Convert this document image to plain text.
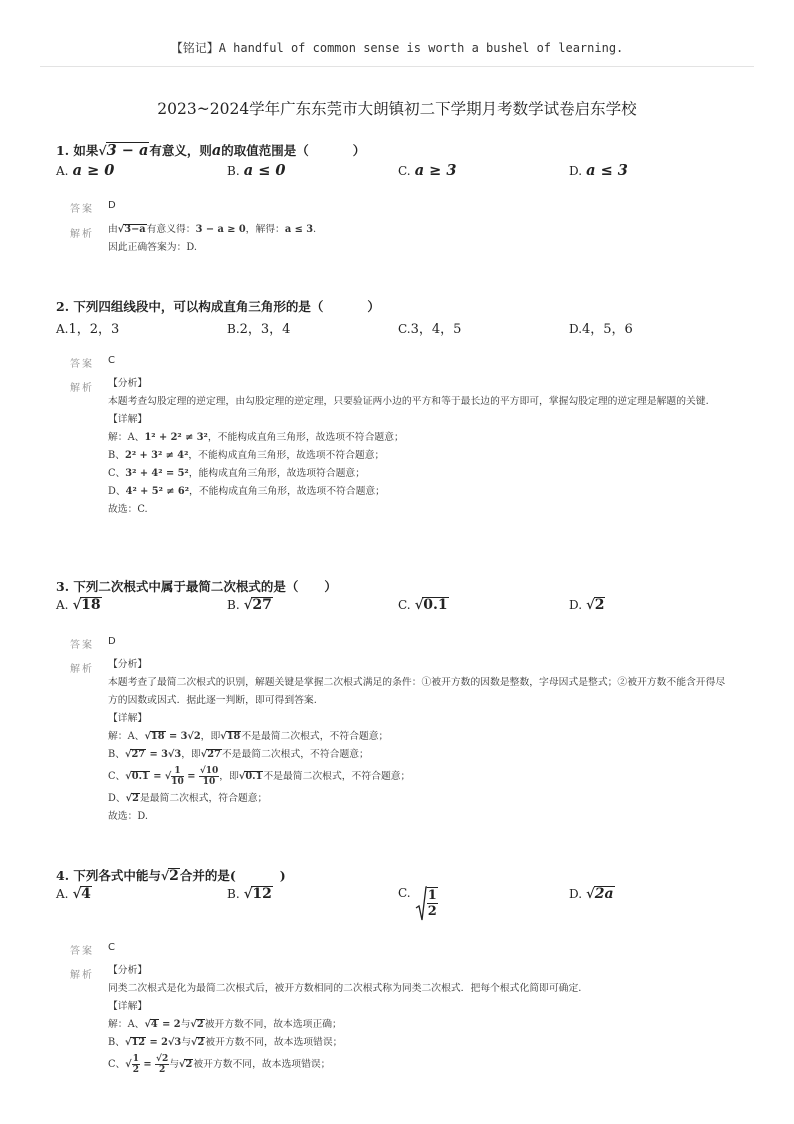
【铭记】A handful of common sense is worth a bushel of learning.
2023~2024学年广东东莞市大朗镇初二下学期月考数学试卷启东学校
1. 如果√3 − a有意义，则a的取值范围是（	）
A. a ≥ 0	B. a ≤ 0	C. a ≥ 3	D. a ≤ 3
答案 D
解析 由√3−a有意义得：3 − a ≥ 0，解得：a ≤ 3.
因此正确答案为：D.
2. 下列四组线段中，可以构成直角三角形的是（	）
A.1，2，3	B.2，3，4	C.3，4，5	D.4，5，6
答案 C
解析 【分析】
本题考查勾股定理的逆定理，由勾股定理的逆定理，只要验证两小边的平方和等于最长边的平方即可，掌握勾股定理的逆定理是解题的关键.
【详解】
解：A、1² + 2² ≠ 3²，不能构成直角三角形，故选项不符合题意；
B、2² + 3² ≠ 4²，不能构成直角三角形，故选项不符合题意；
C、3² + 4² = 5²，能构成直角三角形，故选项符合题意；
D、4² + 5² ≠ 6²，不能构成直角三角形，故选项不符合题意；
故选：C.
3. 下列二次根式中属于最简二次根式的是（ ）
A. √18	B. √27	C. √0.1	D. √2
答案 D
解析 【分析】
本题考查了最简二次根式的识别，解题关键是掌握二次根式满足的条件：①被开方数的因数是整数，字母因式是整式；②被开方数不能含开得尽方的因数或因式．据此逐一判断，即可得到答案.
【详解】
解：A、√18 = 3√2，即√18不是最简二次根式，不符合题意；
B、√27 = 3√3，即√27不是最简二次根式，不符合题意；
C、√0.1 = √ $\frac{1}{10} = \frac{√10}{10}$ ，即√0.1不是最简二次根式，不符合题意；
D、√2是最简二次根式，符合题意；
故选：D.
4. 下列各式中能与√2合并的是(	)
A. √4	B. √12	C. $\frac{1}{2}$	D. √2a
答案 C
解析 【分析】
同类二次根式是化为最简二次根式后，被开方数相同的二次根式称为同类二次根式．把每个根式化简即可确定.
【详解】
解：A、√4 = 2与√2被开方数不同，故本选项正确；
B、√12 = 2√3与√2被开方数不同，故本选项错误；
C、√ $\frac{1}{2} = \frac{√2}{2}$ 与√2被开方数不同，故本选项错误；
